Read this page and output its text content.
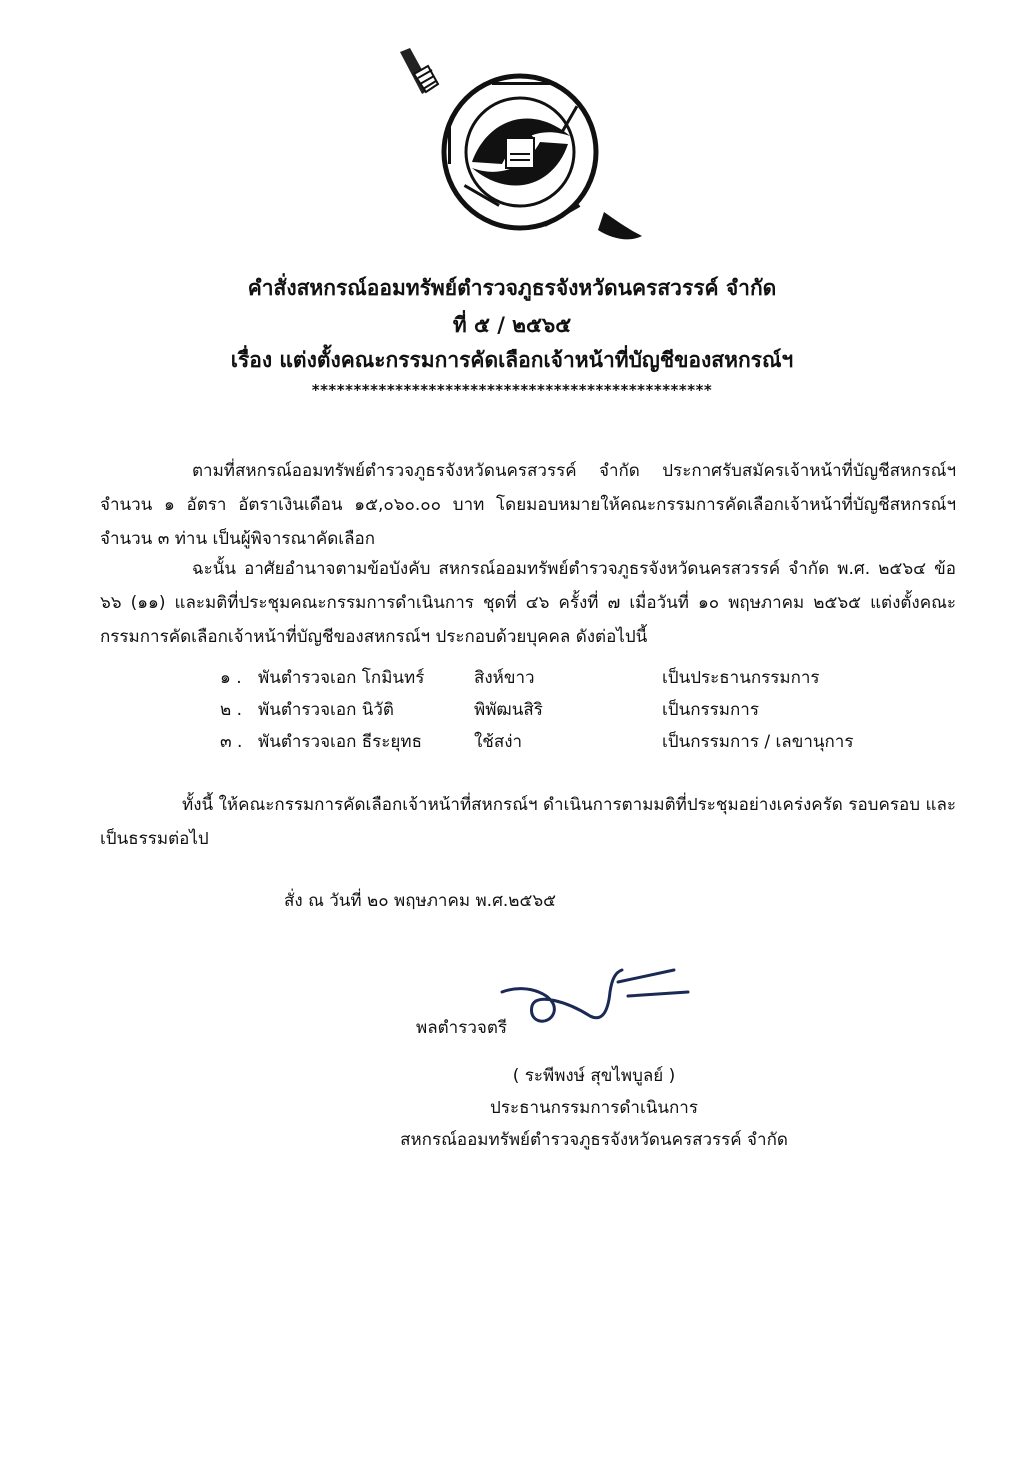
คำสั่งสหกรณ์ออมทรัพย์ตำรวจภูธรจังหวัดนครสวรรค์ จำกัด
ที่ ๕ / ๒๕๖๕
เรื่อง แต่งตั้งคณะกรรมการคัดเลือกเจ้าหน้าที่บัญชีของสหกรณ์ฯ
************************************************
ตามที่สหกรณ์ออมทรัพย์ตำรวจภูธรจังหวัดนครสวรรค์ จำกัด ประกาศรับสมัครเจ้าหน้าที่บัญชีสหกรณ์ฯ จำนวน ๑ อัตรา อัตราเงินเดือน ๑๕,๐๖๐.๐๐ บาท โดยมอบหมายให้คณะกรรมการคัดเลือกเจ้าหน้าที่บัญชีสหกรณ์ฯ จำนวน ๓ ท่าน เป็นผู้พิจารณาคัดเลือก
ฉะนั้น อาศัยอำนาจตามข้อบังคับ สหกรณ์ออมทรัพย์ตำรวจภูธรจังหวัดนครสวรรค์ จำกัด พ.ศ. ๒๕๖๔ ข้อ ๖๖ (๑๑) และมติที่ประชุมคณะกรรมการดำเนินการ ชุดที่ ๔๖ ครั้งที่ ๗ เมื่อวันที่ ๑๐ พฤษภาคม ๒๕๖๕ แต่งตั้งคณะกรรมการคัดเลือกเจ้าหน้าที่บัญชีของสหกรณ์ฯ ประกอบด้วยบุคคล ดังต่อไปนี้
๑ . พันตำรวจเอก โกมินทร์	สิงห์ขาว	เป็นประธานกรรมการ
๒ . พันตำรวจเอก นิวัติ	พิพัฒนสิริ	เป็นกรรมการ
๓ . พันตำรวจเอก ธีระยุทธ	ใช้สง่า	เป็นกรรมการ / เลขานุการ
ทั้งนี้ ให้คณะกรรมการคัดเลือกเจ้าหน้าที่สหกรณ์ฯ ดำเนินการตามมติที่ประชุมอย่างเคร่งครัด รอบครอบ และเป็นธรรมต่อไป
สั่ง ณ วันที่ ๒๐ พฤษภาคม พ.ศ.๒๕๖๕
พลตำรวจตรี
( ระพีพงษ์ สุขไพบูลย์ )
ประธานกรรมการดำเนินการ
สหกรณ์ออมทรัพย์ตำรวจภูธรจังหวัดนครสวรรค์ จำกัด
